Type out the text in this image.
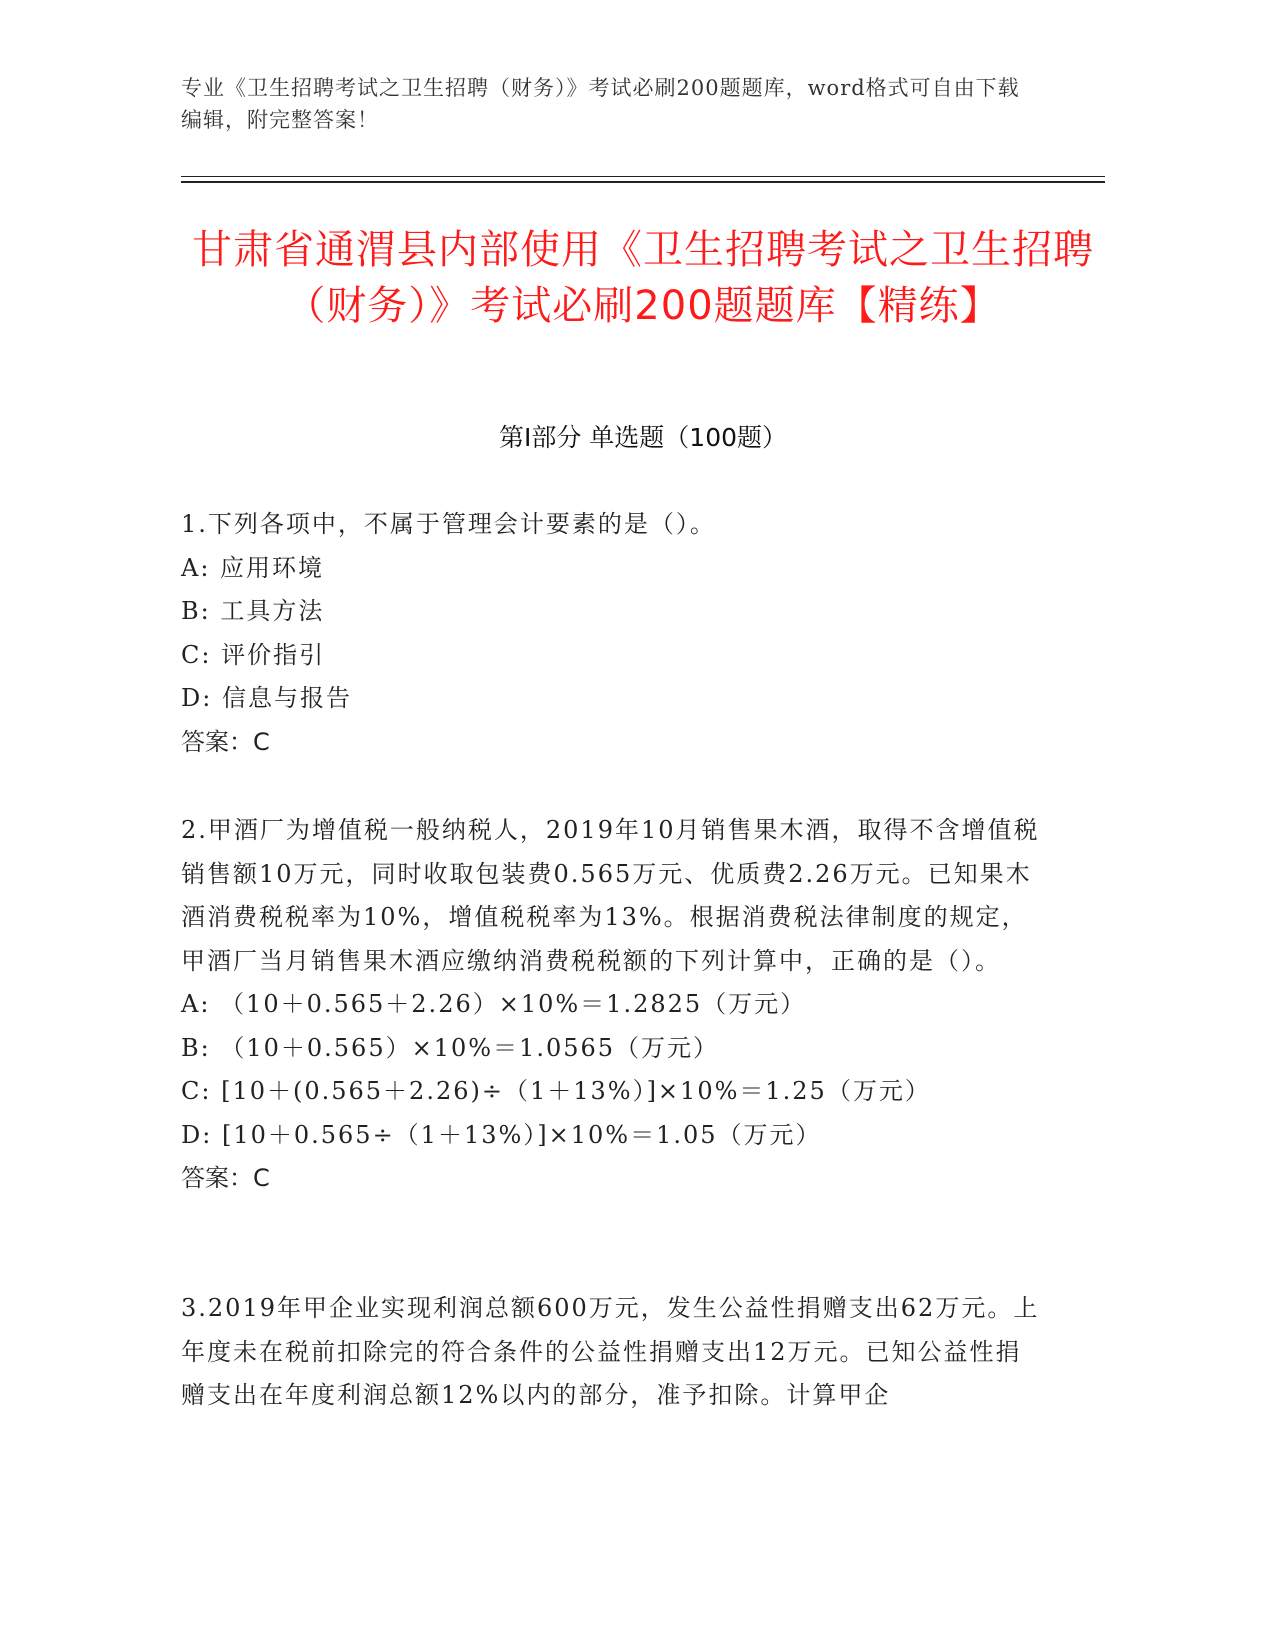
专业《卫生招聘考试之卫生招聘（财务）》考试必刷200题题库，word格式可自由下载编辑，附完整答案！
甘肃省通渭县内部使用《卫生招聘考试之卫生招聘（财务）》考试必刷200题题库【精练】
第Ⅰ部分 单选题（100题）

1.下列各项中，不属于管理会计要素的是（）。

A: 应用环境

B: 工具方法

C: 评价指引

D: 信息与报告

答案：C

2.甲酒厂为增值税一般纳税人，2019年10月销售果木酒，取得不含增值税销售额10万元，同时收取包装费0.565万元、优质费2.26万元。已知果木酒消费税税率为10%，增值税税率为13%。根据消费税法律制度的规定，甲酒厂当月销售果木酒应缴纳消费税税额的下列计算中，正确的是（）。

A: （10＋0.565＋2.26）×10%＝1.2825（万元）

B: （10＋0.565）×10%＝1.0565（万元）

C: [10＋(0.565＋2.26)÷（1＋13%）]×10%＝1.25（万元）

D: [10＋0.565÷（1＋13%）]×10%＝1.05（万元）

答案：C

3.2019年甲企业实现利润总额600万元，发生公益性捐赠支出62万元。上年度未在税前扣除完的符合条件的公益性捐赠支出12万元。已知公益性捐赠支出在年度利润总额12%以内的部分，准予扣除。计算甲企
